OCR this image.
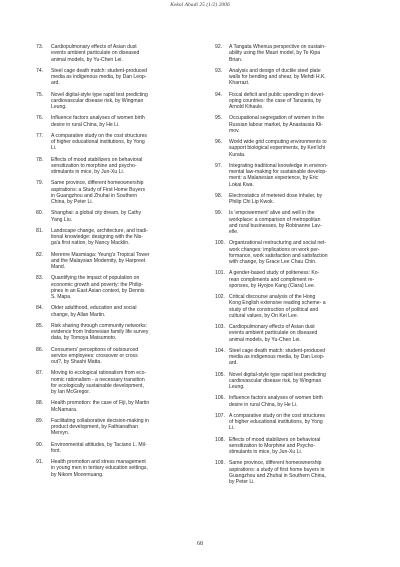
Kekal Abadi 25 (1/2) 2006
73.	Cardiopulmonary effects of Asian dust
events ambient particulate on diseased
animal models, by Yu-Chen Lei.
74.	Steel cage death match: student-produced
media as indigenous media, by Dan Leop-
ard.
75.	Novel digital-style type rapid test predicting
cardiovascular disease risk, by Wingman
Leung.
76.	Influence factors analyses of women birth
desire in rural China, by He Li.
77.	A comparative study on the cost structures
of higher educational institutions, by Yong
Li.
78.	Effects of mood stabilizers on behavioral
sensitization to morphine and psycho-
stimulants in mice, by Jun-Xu Li.
79.	Same province, different homeownership
aspirations: a Study of First Home Buyers
in Guangzhou and Zhuhai in Southern
China, by Peter Li.
80.	Shanghai: a global city dream, by Cathy
Yang Liu.
81.	Landscape change, architecture, and tradi-
tional knowledge: designing with the Nis-
ga'a first nation, by Nancy Macklin.
82.	Merenre Masmiaga: Yeung's Tropical Tower
and the Malaysian Modernity, by Harpreet
Mand.
83.	Quantifying the impact of population on
economic growth and poverty: the Philip-
pines in an East Asian context, by Dennis
S. Mapa.
84.	Older adulthood, education and social
change, by Allan Martin.
85.	Risk sharing through community networks:
evidence from Indonesian family life survey
data, by Tomoya Matsumoto.
86.	Consumers' perceptions of outsourced
service employees: crossover or cross
out?, by Shashi Matta.
87.	Moving to ecological rationalism from eco-
nomic rationalism - a necessary transition
for ecologically sustainable development,
by Ian McGregor.
88.	Health promotion: the case of Fiji, by Martin
McNamara.
89.	Facilitating collaborative decision-making in
product development, by Fathianathan
Mervyn.
90.	Environmental attitudes, by Taciano L. Mil-
font.
91.	Health promotion and stress management
in young men in tertiary education settings,
by Nikom Moonmuang.
92.	A Tangata Whenua perspective on sustain-
ability using the Mauri model, by Te Kipa
Brian.
93.	Analysis and design of ductile steel plate
walls for bending and shear, by Mehdi H.K.
Kharrazi.
94.	Fiscal deficit and public spending in devel-
oping countries: the case of Tanzania, by
Arnold Kihaule.
95.	Occupational segregation of women in the
Russian labour market, by Anastassia Kli-
mov.
96.	World wide grid computing environments to
support biological experiments, by Ken'ichi
Kurata.
97.	Integrating traditional knowledge in environ-
mental law-making for sustainable develop-
ment: a Malanesian experience, by Eric
Lokai Kwa.
98.	Electrostatics of metered dose inhaler, by
Philip Chi Lip Kwok.
99.	Is 'empowerment' alive and well in the
workplace: a comparison of metropolitan
and rural businesses, by Robinanne Lav-
elle.
100. Organizational restructuring and social net-
work changes: implications on work per-
formance, work satisfaction and satisfaction
with change, by Grace Lee Chau Chin.
101. A gender-based study of politeness: Ko-
rean compliments and compliment re-
sponses, by Hyojoo Kang (Clara) Lee.
102. Critical discourse analysis of the Hong
Kong English extensive reading scheme- a
study of the construction of political and
cultural values, by On Kei Lee.
103. Cardiopulmonary effects of Asian dust
events ambient particulate on diseased
animal models, by Yu-Chen Lei.
104. Steel cage death match: student-produced
media as indigenous media, by Dan Leop-
ard.
105. Novel digital-style type rapid test predicting
cardiovascular disease risk, by Wingman
Leung.
106. Influence factors analyses of women birth
desire in rural China, by He Li.
107. A comparative study on the cost structures
of higher educational institutions, by Yong
Li.
108. Effects of mood stabilizers on behavioral
sensitization to Morphine and Psycho-
stimulants in mice, by Jun-Xu Li.
109. Same province, different homeownership
aspirations: a study of first home buyers in
Guangzhou and Zhuhai in Southern China,
by Peter Li.
68
